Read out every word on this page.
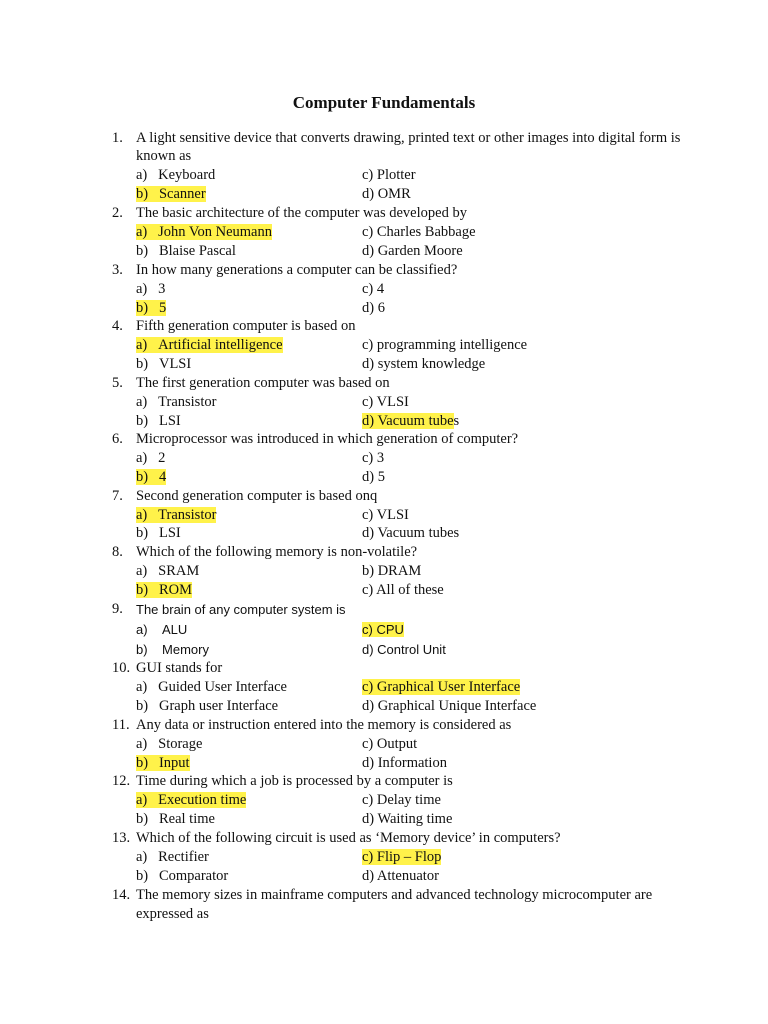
Computer Fundamentals
1. A light sensitive device that converts drawing, printed text or other images into digital form is
known as
a) Keyboard
b) Scanner
c) Plotter
d) OMR
2. The basic architecture of the computer was developed by
a) John Von Neumann
b) Blaise Pascal
c) Charles Babbage
d) Garden Moore
3. In how many generations a computer can be classified?
a) 3
b) 5
c) 4
d) 6
4. Fifth generation computer is based on
a) Artificial intelligence
b) VLSI
c) programming intelligence
d) system knowledge
5. The first generation computer was based on
a) Transistor
b) LSI
c) VLSI
d) Vacuum tubes
6. Microprocessor was introduced in which generation of computer?
a) 2
b) 4
c) 3
d) 5
7. Second generation computer is based onq
a) Transistor
b) LSI
c) VLSI
d) Vacuum tubes
8. Which of the following memory is non-volatile?
a) SRAM
b) ROM
b) DRAM
c) All of these
9. The brain of any computer system is
a) ALU
b) Memory
c) CPU
d) Control Unit
10. GUI stands for
a) Guided User Interface
b) Graph user Interface
c) Graphical User Interface
d) Graphical Unique Interface
11. Any data or instruction entered into the memory is considered as
a) Storage
b) Input
c) Output
d) Information
12. Time during which a job is processed by a computer is
a) Execution time
b) Real time
c) Delay time
d) Waiting time
13. Which of the following circuit is used as ‘Memory device’ in computers?
a) Rectifier
b) Comparator
c) Flip – Flop
d) Attenuator
14. The memory sizes in mainframe computers and advanced technology microcomputer are
expressed as
